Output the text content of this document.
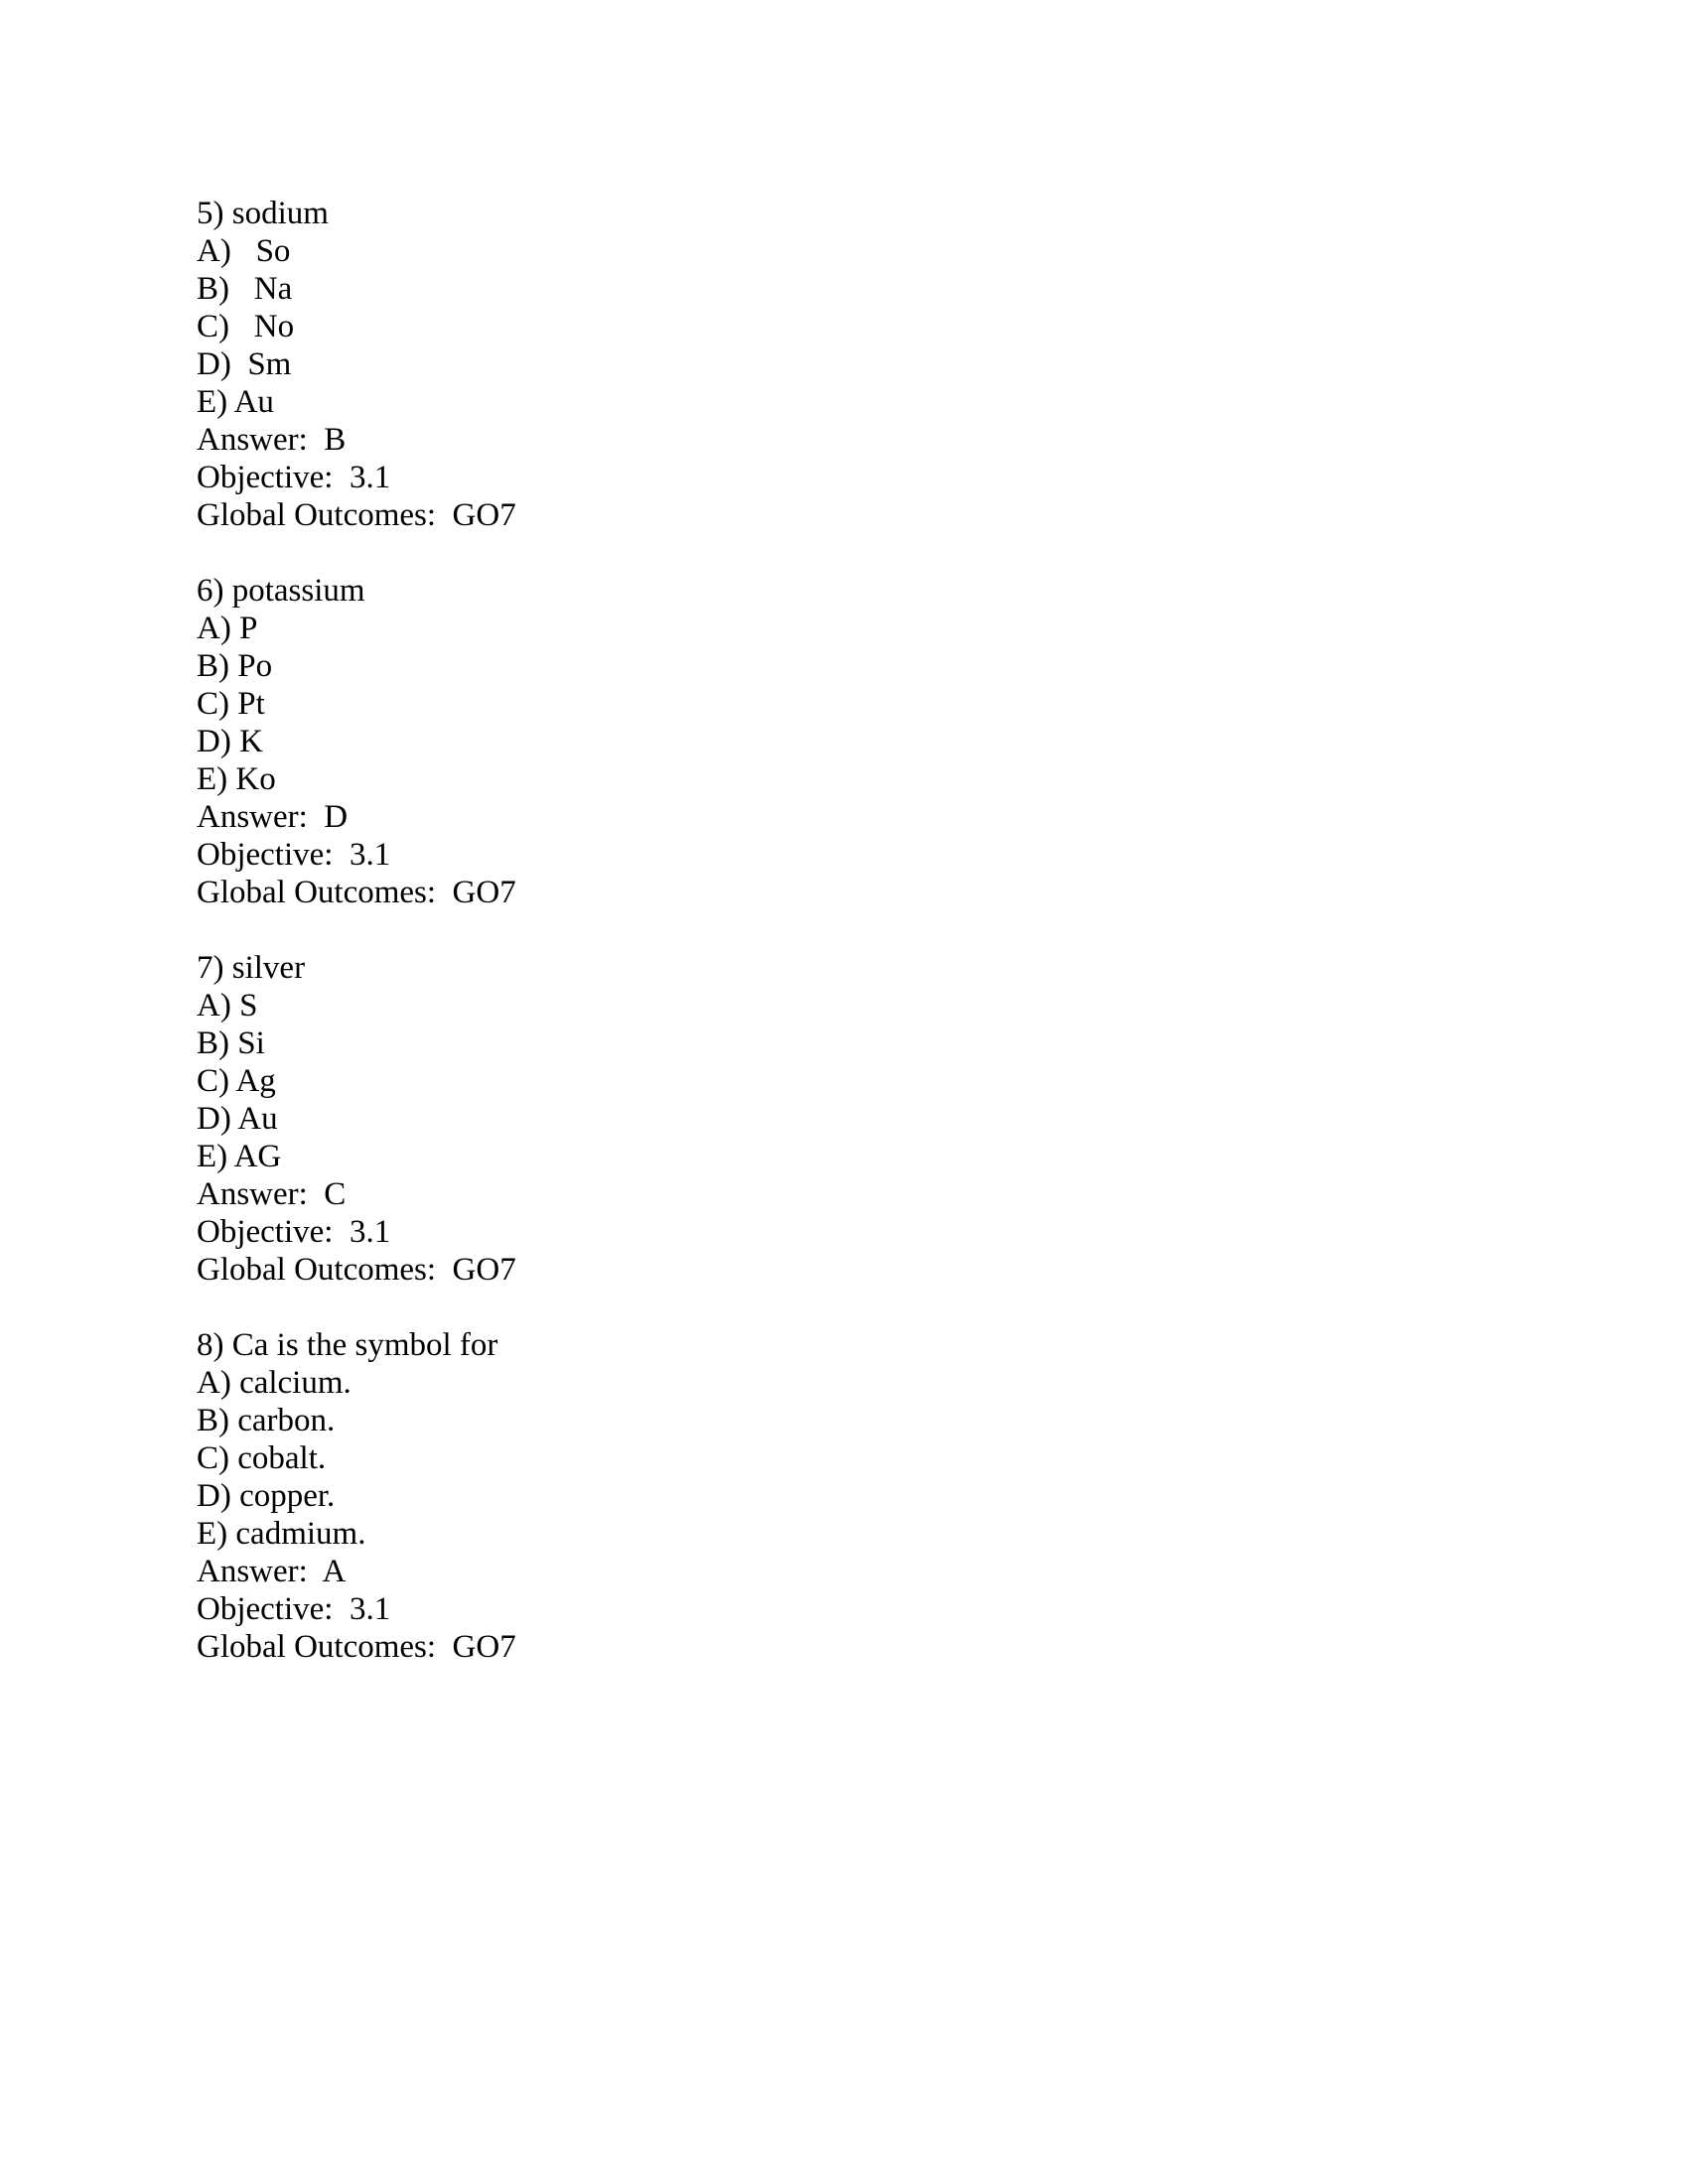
5) sodium
A)   So
B)   Na
C)   No
D)  Sm
E) Au
Answer:  B
Objective:  3.1
Global Outcomes:  GO7
6) potassium
A) P
B) Po
C) Pt
D) K
E) Ko
Answer:  D
Objective:  3.1
Global Outcomes:  GO7
7) silver
A) S
B) Si
C) Ag
D) Au
E) AG
Answer:  C
Objective:  3.1
Global Outcomes:  GO7
8) Ca is the symbol for
A) calcium.
B) carbon.
C) cobalt.
D) copper.
E) cadmium.
Answer:  A
Objective:  3.1
Global Outcomes:  GO7
